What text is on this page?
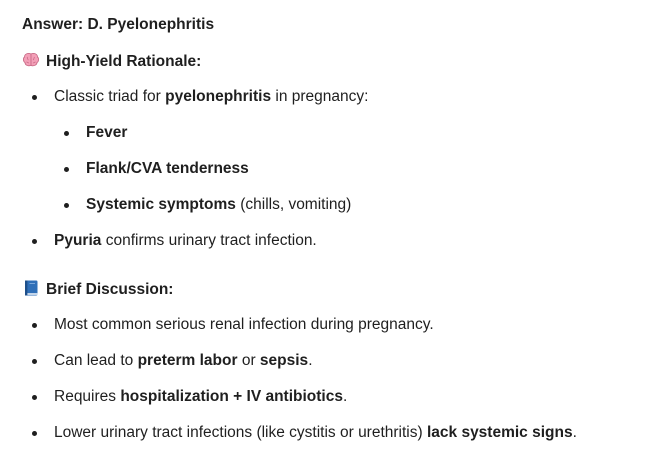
Answer: D. Pyelonephritis
High-Yield Rationale:
Classic triad for pyelonephritis in pregnancy:
Fever
Flank/CVA tenderness
Systemic symptoms (chills, vomiting)
Pyuria confirms urinary tract infection.
Brief Discussion:
Most common serious renal infection during pregnancy.
Can lead to preterm labor or sepsis.
Requires hospitalization + IV antibiotics.
Lower urinary tract infections (like cystitis or urethritis) lack systemic signs.
